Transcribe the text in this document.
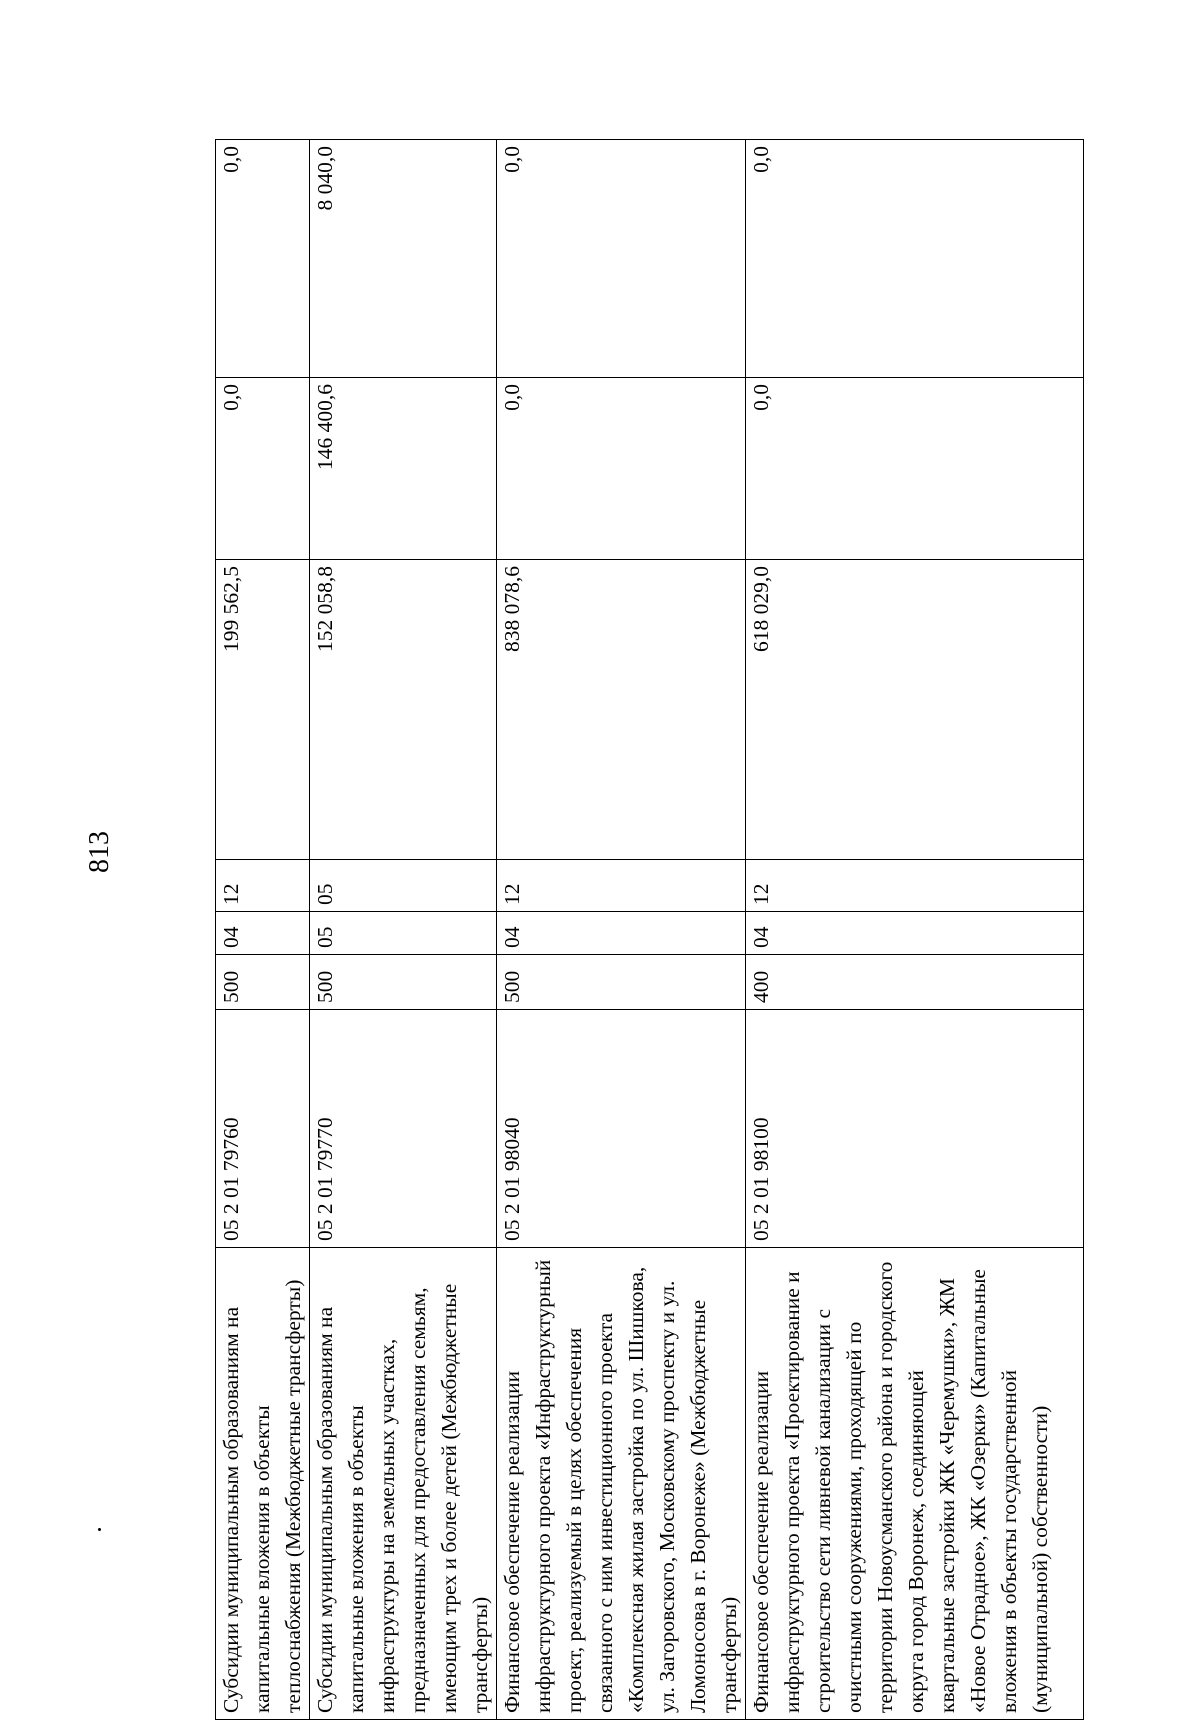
813
Субсидии муниципальным образованиям на капитальные вложения в объекты теплоснабжения (Межбюджетные трансферты)	05 2 01 79760	500	04	12	199 562,5	0,0	0,0
Субсидии муниципальным образованиям на капитальные вложения в объекты инфраструктуры на земельных участках, предназначенных для предоставления семьям, имеющим трех и более детей (Межбюджетные трансферты)	05 2 01 79770	500	05	05	152 058,8	146 400,6	8 040,0
Финансовое обеспечение реализации инфраструктурного проекта «Инфраструктурный проект, реализуемый в целях обеспечения связанного с ним инвестиционного проекта «Комплексная жилая застройка по ул. Шишкова, ул. Загоровского, Московскому проспекту и ул. Ломоносова в г. Воронеже» (Межбюджетные трансферты)	05 2 01 98040	500	04	12	838 078,6	0,0	0,0
Финансовое обеспечение реализации инфраструктурного проекта «Проектирование и строительство сети ливневой канализации с очистными сооружениями, проходящей по территории Новоусманского района и городского округа город Воронеж, соединяющей квартальные застройки ЖК «Черемушки», ЖМ «Новое Отрадное», ЖК «Озерки» (Капитальные вложения в объекты государственной (муниципальной) собственности)	05 2 01 98100	400	04	12	618 029,0	0,0	0,0
